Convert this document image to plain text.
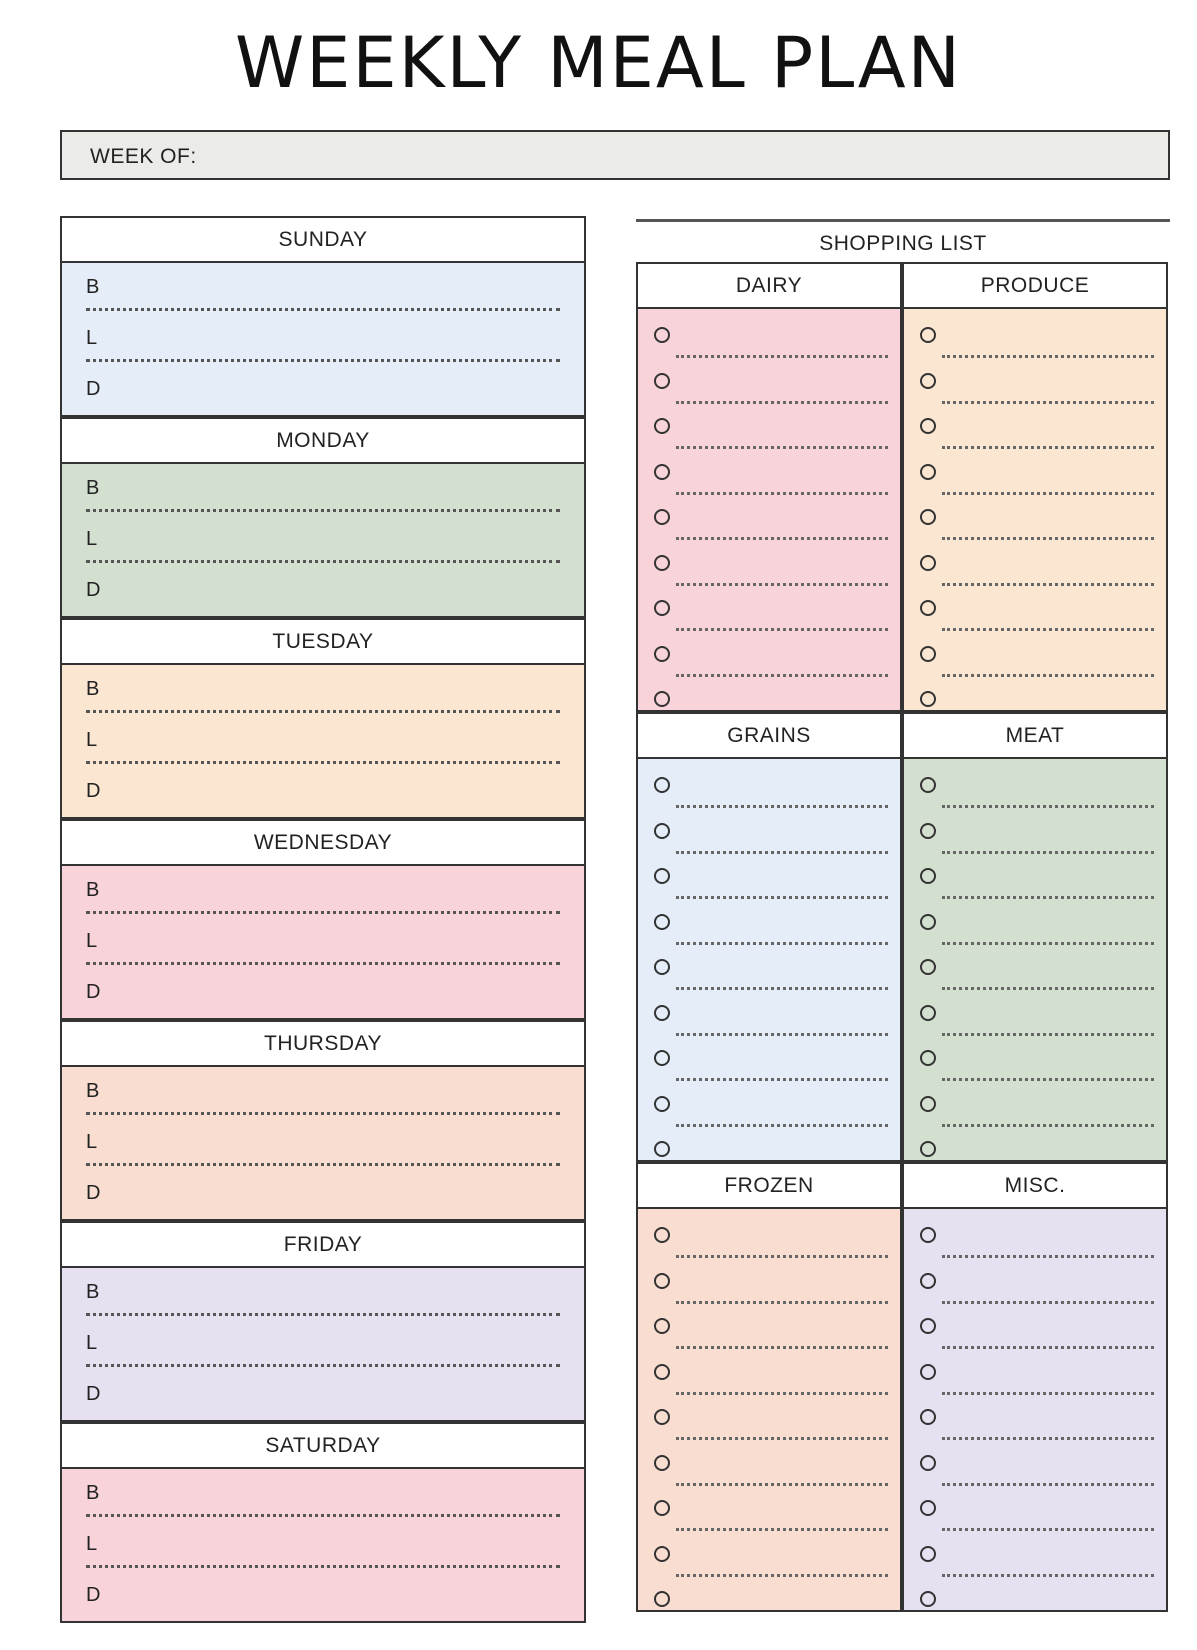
WEEKLY MEAL PLAN
WEEK OF:
SUNDAY
B
L
D
MONDAY
B
L
D
TUESDAY
B
L
D
WEDNESDAY
B
L
D
THURSDAY
B
L
D
FRIDAY
B
L
D
SATURDAY
B
L
D
SHOPPING LIST
DAIRY	PRODUCE
GRAINS	MEAT
FROZEN	MISC.
